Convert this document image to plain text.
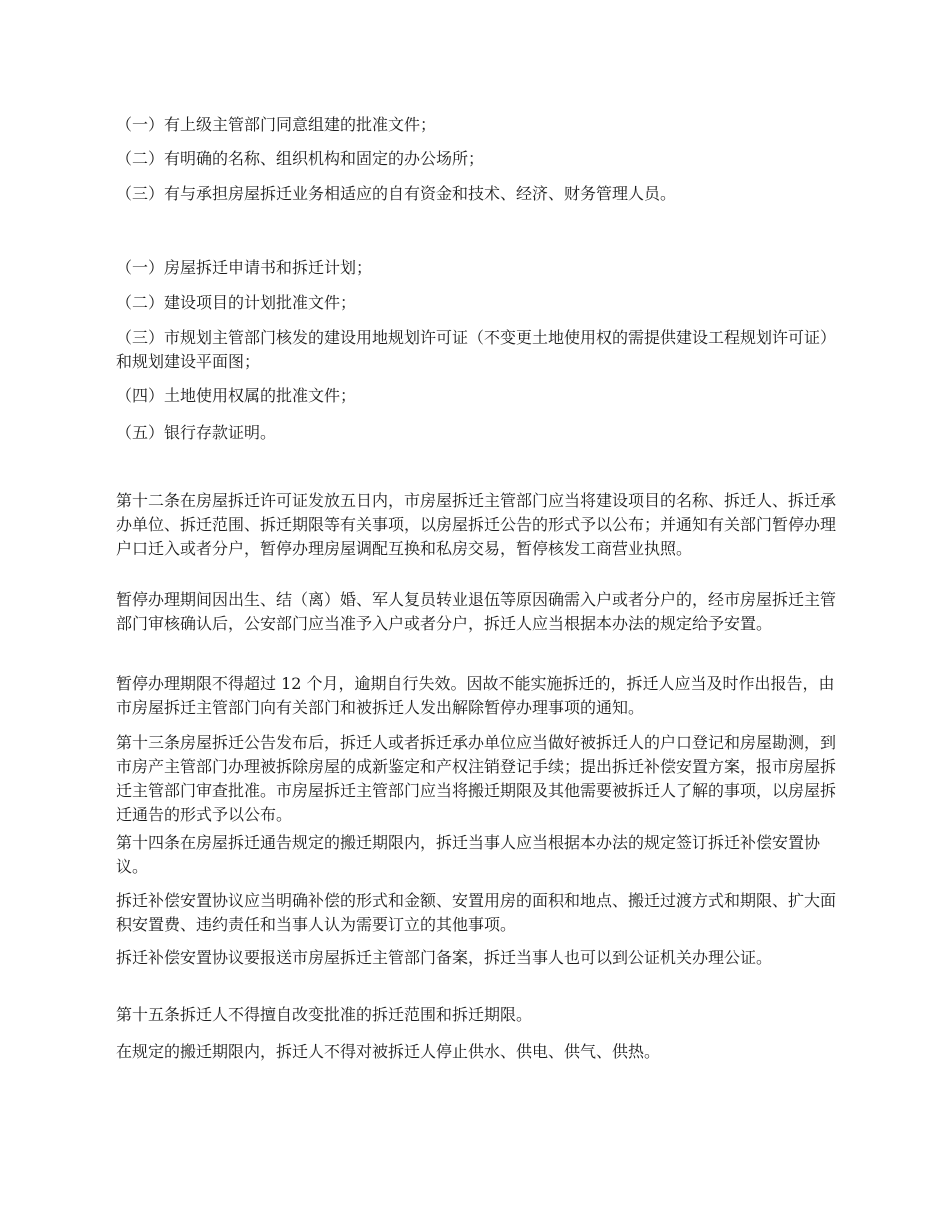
（一）有上级主管部门同意组建的批准文件；

（二）有明确的名称、组织机构和固定的办公场所；

（三）有与承担房屋拆迁业务相适应的自有资金和技术、经济、财务管理人员。

（一）房屋拆迁申请书和拆迁计划；

（二）建设项目的计划批准文件；

（三）市规划主管部门核发的建设用地规划许可证（不变更土地使用权的需提供建设工程规划许可证）和规划建设平面图；

（四）土地使用权属的批准文件；

（五）银行存款证明。

第十二条在房屋拆迁许可证发放五日内，市房屋拆迁主管部门应当将建设项目的名称、拆迁人、拆迁承办单位、拆迁范围、拆迁期限等有关事项，以房屋拆迁公告的形式予以公布；并通知有关部门暂停办理户口迁入或者分户，暂停办理房屋调配互换和私房交易，暂停核发工商营业执照。

暂停办理期间因出生、结（离）婚、军人复员转业退伍等原因确需入户或者分户的，经市房屋拆迁主管部门审核确认后，公安部门应当准予入户或者分户，拆迁人应当根据本办法的规定给予安置。

暂停办理期限不得超过 12 个月，逾期自行失效。因故不能实施拆迁的，拆迁人应当及时作出报告，由市房屋拆迁主管部门向有关部门和被拆迁人发出解除暂停办理事项的通知。

第十三条房屋拆迁公告发布后，拆迁人或者拆迁承办单位应当做好被拆迁人的户口登记和房屋勘测，到市房产主管部门办理被拆除房屋的成新鉴定和产权注销登记手续；提出拆迁补偿安置方案，报市房屋拆迁主管部门审查批准。市房屋拆迁主管部门应当将搬迁期限及其他需要被拆迁人了解的事项，以房屋拆迁通告的形式予以公布。

第十四条在房屋拆迁通告规定的搬迁期限内，拆迁当事人应当根据本办法的规定签订拆迁补偿安置协议。

拆迁补偿安置协议应当明确补偿的形式和金额、安置用房的面积和地点、搬迁过渡方式和期限、扩大面积安置费、违约责任和当事人认为需要订立的其他事项。

拆迁补偿安置协议要报送市房屋拆迁主管部门备案，拆迁当事人也可以到公证机关办理公证。

第十五条拆迁人不得擅自改变批准的拆迁范围和拆迁期限。

在规定的搬迁期限内，拆迁人不得对被拆迁人停止供水、供电、供气、供热。
